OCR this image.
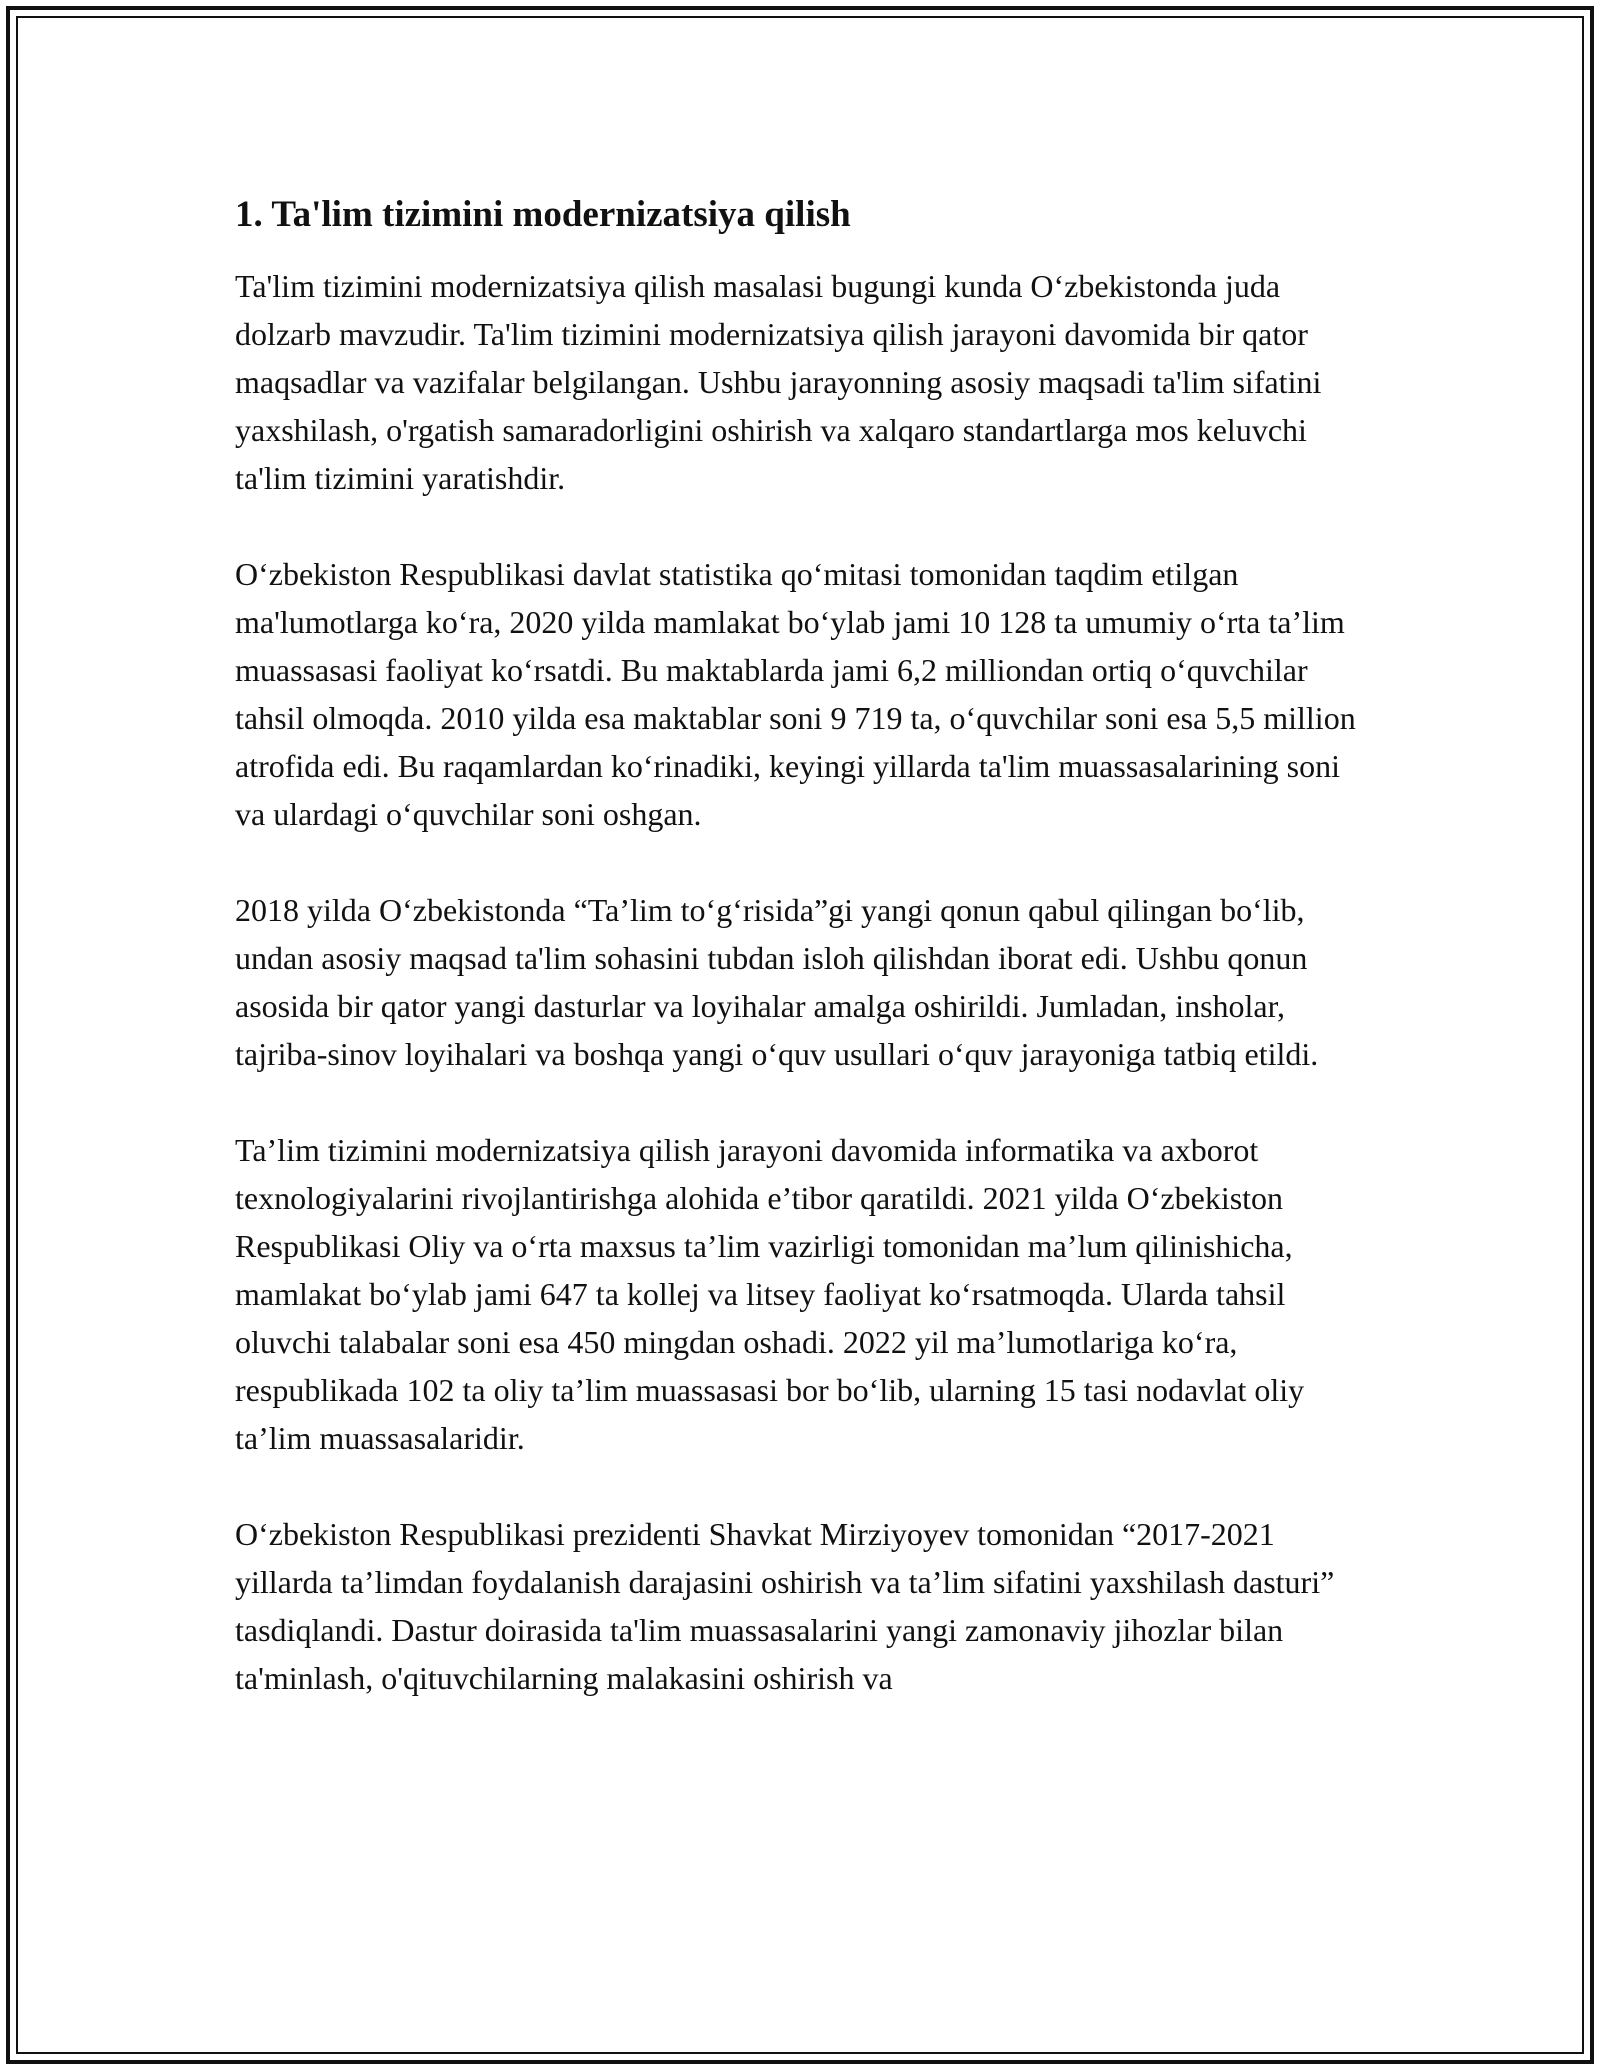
1. Ta'lim tizimini modernizatsiya qilish

Ta'lim tizimini modernizatsiya qilish masalasi bugungi kunda O‘zbekistonda juda dolzarb mavzudir. Ta'lim tizimini modernizatsiya qilish jarayoni davomida bir qator maqsadlar va vazifalar belgilangan. Ushbu jarayonning asosiy maqsadi ta'lim sifatini yaxshilash, o'rgatish samaradorligini oshirish va xalqaro standartlarga mos keluvchi ta'lim tizimini yaratishdir.

O‘zbekiston Respublikasi davlat statistika qo‘mitasi tomonidan taqdim etilgan ma'lumotlarga ko‘ra, 2020 yilda mamlakat bo‘ylab jami 10 128 ta umumiy o‘rta ta’lim muassasasi faoliyat ko‘rsatdi. Bu maktablarda jami 6,2 milliondan ortiq o‘quvchilar tahsil olmoqda. 2010 yilda esa maktablar soni 9 719 ta, o‘quvchilar soni esa 5,5 million atrofida edi. Bu raqamlardan ko‘rinadiki, keyingi yillarda ta'lim muassasalarining soni va ulardagi o‘quvchilar soni oshgan.

2018 yilda O‘zbekistonda “Ta’lim to‘g‘risida”gi yangi qonun qabul qilingan bo‘lib, undan asosiy maqsad ta'lim sohasini tubdan isloh qilishdan iborat edi. Ushbu qonun asosida bir qator yangi dasturlar va loyihalar amalga oshirildi. Jumladan, insholar, tajriba-sinov loyihalari va boshqa yangi o‘quv usullari o‘quv jarayoniga tatbiq etildi.

Ta’lim tizimini modernizatsiya qilish jarayoni davomida informatika va axborot texnologiyalarini rivojlantirishga alohida e’tibor qaratildi. 2021 yilda O‘zbekiston Respublikasi Oliy va o‘rta maxsus ta’lim vazirligi tomonidan ma’lum qilinishicha, mamlakat bo‘ylab jami 647 ta kollej va litsey faoliyat ko‘rsatmoqda. Ularda tahsil oluvchi talabalar soni esa 450 mingdan oshadi. 2022 yil ma’lumotlariga ko‘ra, respublikada 102 ta oliy ta’lim muassasasi bor bo‘lib, ularning 15 tasi nodavlat oliy ta’lim muassasalaridir.

O‘zbekiston Respublikasi prezidenti Shavkat Mirziyoyev tomonidan “2017-2021 yillarda ta’limdan foydalanish darajasini oshirish va ta’lim sifatini yaxshilash dasturi” tasdiqlandi. Dastur doirasida ta'lim muassasalarini yangi zamonaviy jihozlar bilan ta'minlash, o'qituvchilarning malakasini oshirish va
